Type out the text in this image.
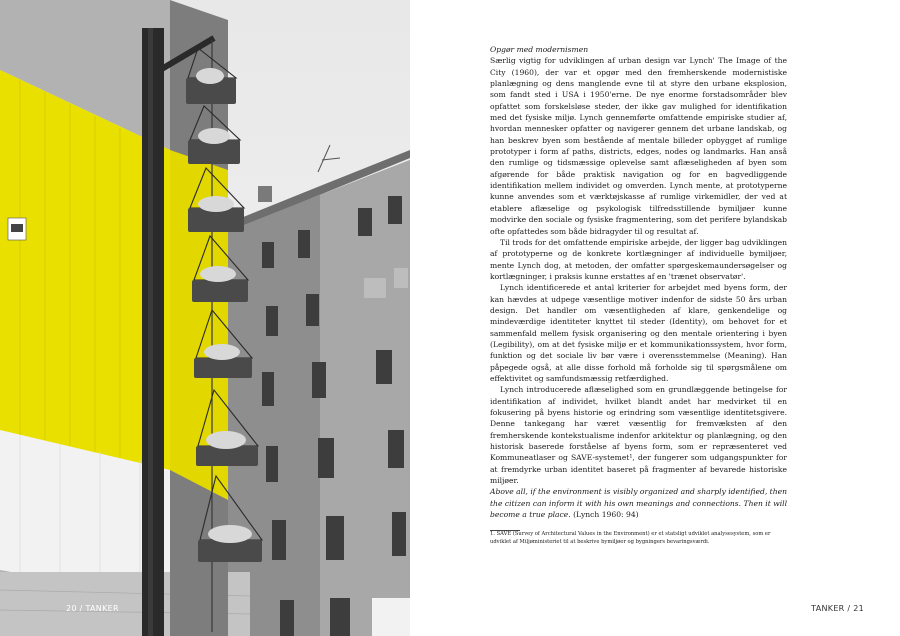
20 / TANKER

Opgør med modernismen

Særlig vigtig for udviklingen af urban design var Lynch' The Image of the City (1960), der var et opgør med den fremherskende modernistiske planlægning og dens manglende evne til at styre den urbane eksplosion, som fandt sted i USA i 1950'erne. De nye enorme forstadsområder blev opfattet som forskelsløse steder, der ikke gav mulighed for identifikation med det fysiske miljø. Lynch gennemførte omfattende empiriske studier af, hvordan mennesker opfatter og navigerer gennem det urbane landskab, og han beskrev byen som bestående af mentale billeder opbygget af rumlige prototyper i form af paths, districts, edges, nodes og landmarks. Han anså den rumlige og tidsmæssige oplevelse samt aflæseligheden af byen som afgørende for både praktisk navigation og for en bagvedliggende identifikation mellem individet og omverden. Lynch mente, at prototyperne kunne anvendes som et værktøjskasse af rumlige virkemidler, der ved at etablere aflæselige og psykologisk tilfredsstillende bymiljøer kunne modvirke den sociale og fysiske fragmentering, som det perifere bylandskab ofte opfattedes som både bidragyder til og resultat af.

Til trods for det omfattende empiriske arbejde, der ligger bag udviklingen af prototyperne og de konkrete kortlægninger af individuelle bymiljøer, mente Lynch dog, at metoden, der omfatter spørgeskemaundersøgelser og kortlægninger, i praksis kunne erstattes af en 'trænet observatør'.

Lynch identificerede et antal kriterier for arbejdet med byens form, der kan hævdes at udpege væsentlige motiver indenfor de sidste 50 års urban design. Det handler om væsentligheden af klare, genkendelige og mindeværdige identiteter knyttet til steder (Identity), om behovet for et sammenfald mellem fysisk organisering og den mentale orientering i byen (Legibility), om at det fysiske miljø er et kommunikationssystem, hvor form, funktion og det sociale liv bør være i overensstemmelse (Meaning). Han påpegede også, at alle disse forhold må forholde sig til spørgsmålene om effektivitet og samfundsmæssig retfærdighed.

Lynch introducerede aflæselighed som en grundlæggende betingelse for identifikation af individet, hvilket blandt andet har medvirket til en fokusering på byens historie og erindring som væsentlige identitetsgivere. Denne tankegang har været væsentlig for fremvæksten af den fremherskende kontekstualisme indenfor arkitektur og planlægning, og den historisk baserede forståelse af byens form, som er repræsenteret ved Kommuneatlaser og SAVE-systemet¹, der fungerer som udgangspunkter for at fremdyrke urban identitet baseret på fragmenter af bevarede historiske miljøer.

Above all, if the environment is visibly organized and sharply identified, then the citizen can inform it with his own meanings and connections. Then it will become a true place. (Lynch 1960: 94)

1. SAVE (Survey of Architectural Values in the Environment) er et statsligt udviklet analysesystem, som er udviklet af Miljøministeriet til at beskrive bymiljøer og bygningers bevaringsværdi.

TANKER / 21
